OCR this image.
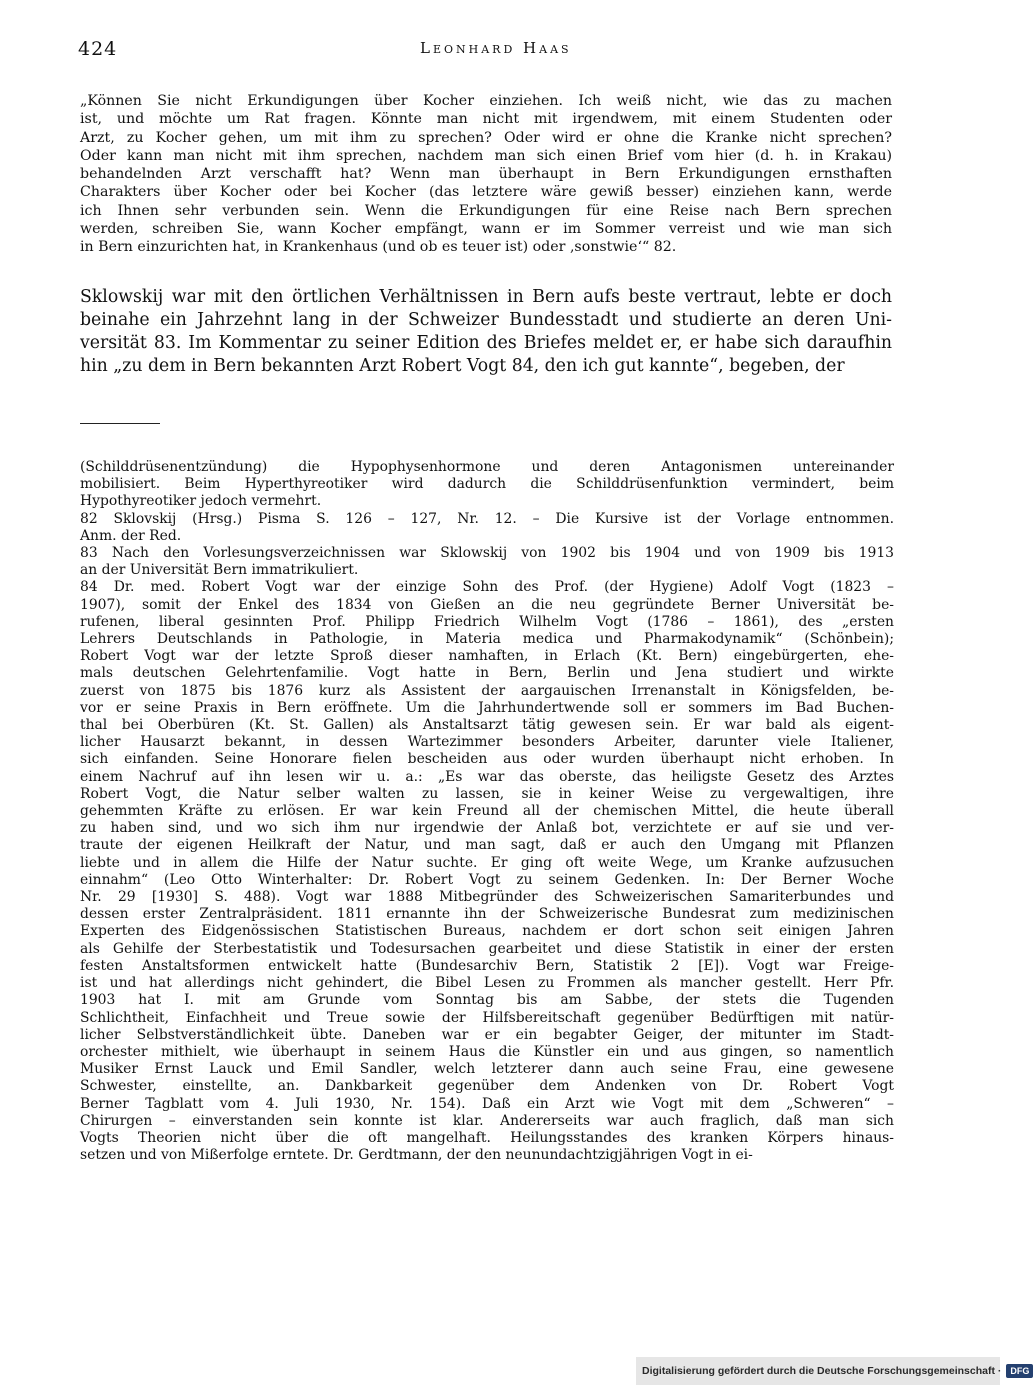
424	Leonhard Haas
„Können Sie nicht Erkundigungen über Kocher einziehen. Ich weiß nicht, wie das zu machen
ist, und möchte um Rat fragen. Könnte man nicht mit irgendwem, mit einem Studenten oder
Arzt, zu Kocher gehen, um mit ihm zu sprechen? Oder wird er ohne die Kranke nicht sprechen?
Oder kann man nicht mit ihm sprechen, nachdem man sich einen Brief vom hier (d. h. in Krakau)
behandelnden Arzt verschafft hat? Wenn man überhaupt in Bern Erkundigungen ernsthaften
Charakters über Kocher oder bei Kocher (das letztere wäre gewiß besser) einziehen kann, werde
ich Ihnen sehr verbunden sein. Wenn die Erkundigungen für eine Reise nach Bern sprechen
werden, schreiben Sie, wann Kocher empfängt, wann er im Sommer verreist und wie man sich
in Bern einzurichten hat, in Krankenhaus (und ob es teuer ist) oder ‚sonstwie‘“ 82.
Sklowskij war mit den örtlichen Verhältnissen in Bern aufs beste vertraut, lebte er doch
beinahe ein Jahrzehnt lang in der Schweizer Bundesstadt und studierte an deren Uni-
versität 83. Im Kommentar zu seiner Edition des Briefes meldet er, er habe sich daraufhin
hin „zu dem in Bern bekannten Arzt Robert Vogt 84, den ich gut kannte“, begeben, der
(Schilddrüsenentzündung) die Hypophysenhormone und deren Antagonismen untereinander
mobilisiert. Beim Hyperthyreotiker wird dadurch die Schilddrüsenfunktion vermindert, beim
Hypothyreotiker jedoch vermehrt.
82 Sklovskij (Hrsg.) Pisma S. 126 – 127, Nr. 12. – Die Kursive ist der Vorlage entnommen.
Anm. der Red.
83 Nach den Vorlesungsverzeichnissen war Sklowskij von 1902 bis 1904 und von 1909 bis 1913
an der Universität Bern immatrikuliert.
84 Dr. med. Robert Vogt war der einzige Sohn des Prof. (der Hygiene) Adolf Vogt (1823 –
1907), somit der Enkel des 1834 von Gießen an die neu gegründete Berner Universität be-
rufenen, liberal gesinnten Prof. Philipp Friedrich Wilhelm Vogt (1786 – 1861), des „ersten
Lehrers Deutschlands in Pathologie, in Materia medica und Pharmakodynamik“ (Schönbein);
Robert Vogt war der letzte Sproß dieser namhaften, in Erlach (Kt. Bern) eingebürgerten, ehe-
mals deutschen Gelehrtenfamilie. Vogt hatte in Bern, Berlin und Jena studiert und wirkte
zuerst von 1875 bis 1876 kurz als Assistent der aargauischen Irrenanstalt in Königsfelden, be-
vor er seine Praxis in Bern eröffnete. Um die Jahrhundertwende soll er sommers im Bad Buchen-
thal bei Oberbüren (Kt. St. Gallen) als Anstaltsarzt tätig gewesen sein. Er war bald als eigent-
licher Hausarzt bekannt, in dessen Wartezimmer besonders Arbeiter, darunter viele Italiener,
sich einfanden. Seine Honorare fielen bescheiden aus oder wurden überhaupt nicht erhoben. In
einem Nachruf auf ihn lesen wir u. a.: „Es war das oberste, das heiligste Gesetz des Arztes
Robert Vogt, die Natur selber walten zu lassen, sie in keiner Weise zu vergewaltigen, ihre
gehemmten Kräfte zu erlösen. Er war kein Freund all der chemischen Mittel, die heute überall
zu haben sind, und wo sich ihm nur irgendwie der Anlaß bot, verzichtete er auf sie und ver-
traute der eigenen Heilkraft der Natur, und man sagt, daß er auch den Umgang mit Pflanzen
liebte und in allem die Hilfe der Natur suchte. Er ging oft weite Wege, um Kranke aufzusuchen
einnahm“ (Leo Otto Winterhalter: Dr. Robert Vogt zu seinem Gedenken. In: Der Berner Woche
Nr. 29 [1930] S. 488). Vogt war 1888 Mitbegründer des Schweizerischen Samariterbundes und
dessen erster Zentralpräsident. 1811 ernannte ihn der Schweizerische Bundesrat zum medizinischen
Experten des Eidgenössischen Statistischen Bureaus, nachdem er dort schon seit einigen Jahren
als Gehilfe der Sterbestatistik und Todesursachen gearbeitet und diese Statistik in einer der ersten
festen Anstaltsformen entwickelt hatte (Bundesarchiv Bern, Statistik 2 [E]). Vogt war Freige-
ist und hat allerdings nicht gehindert, die Bibel Lesen zu Frommen als mancher gestellt. Herr Pfr.
1903 hat I. mit am Grunde vom Sonntag bis am Sabbe, der stets die Tugenden
Schlichtheit, Einfachheit und Treue sowie der Hilfsbereitschaft gegenüber Bedürftigen mit natür-
licher Selbstverständlichkeit übte. Daneben war er ein begabter Geiger, der mitunter im Stadt-
orchester mithielt, wie überhaupt in seinem Haus die Künstler ein und aus gingen, so namentlich
Musiker Ernst Lauck und Emil Sandler, welch letzterer dann auch seine Frau, eine gewesene
Schwester, einstellte, an. Dankbarkeit gegenüber dem Andenken von Dr. Robert Vogt
Berner Tagblatt vom 4. Juli 1930, Nr. 154). Daß ein Arzt wie Vogt mit dem „Schweren“ –
Chirurgen – einverstanden sein konnte ist klar. Andererseits war auch fraglich, daß man sich
Vogts Theorien nicht über die oft mangelhaft. Heilungsstandes des kranken Körpers hinaus-
setzen und von Mißerfolge erntete. Dr. Gerdtmann, der den neunundachtzigjährigen Vogt in ei-
Digitalisierung gefördert durch die Deutsche Forschungsgemeinschaft ·	DFG
